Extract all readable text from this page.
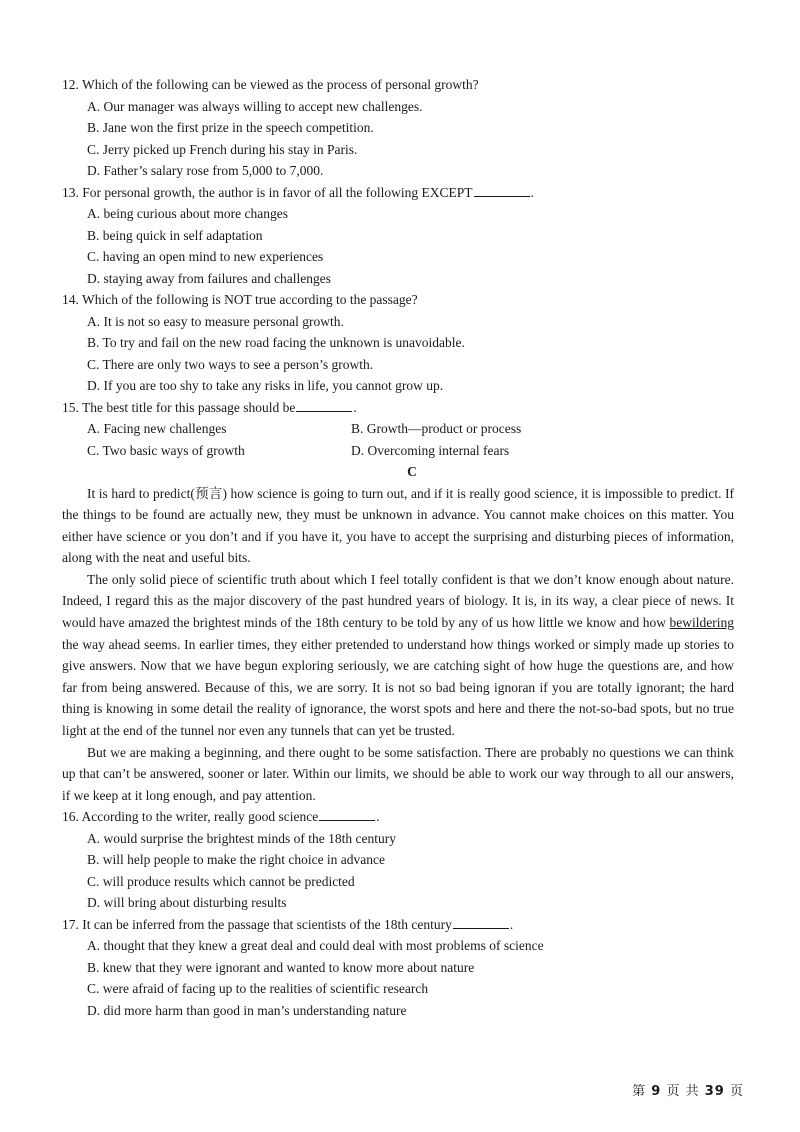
12. Which of the following can be viewed as the process of personal growth?
A. Our manager was always willing to accept new challenges.
B. Jane won the first prize in the speech competition.
C. Jerry picked up French during his stay in Paris.
D. Father’s salary rose from 5,000 to 7,000.
13. For personal growth, the author is in favor of all the following EXCEPT	.
A. being curious about more changes
B. being quick in self adaptation
C. having an open mind to new experiences
D. staying away from failures and challenges
14. Which of the following is NOT true according to the passage?
A. It is not so easy to measure personal growth.
B. To try and fail on the new road facing the unknown is unavoidable.
C. There are only two ways to see a person’s growth.
D. If you are too shy to take any risks in life, you cannot grow up.
15. The best title for this passage should be	.
A. Facing new challenges	B. Growth—product or process
C. Two basic ways of growth	D. Overcoming internal fears
C

It is hard to predict(预言) how science is going to turn out, and if it is really good science, it is impossible to predict. If the things to be found are actually new, they must be unknown in advance. You cannot make choices on this matter. You either have science or you don’t and if you have it, you have to accept the surprising and disturbing pieces of information, along with the neat and useful bits.

The only solid piece of scientific truth about which I feel totally confident is that we don’t know enough about nature. Indeed, I regard this as the major discovery of the past hundred years of biology. It is, in its way, a clear piece of news. It would have amazed the brightest minds of the 18th century to be told by any of us how little we know and how bewildering the way ahead seems. In earlier times, they either pretended to understand how things worked or simply made up stories to give answers. Now that we have begun exploring seriously, we are catching sight of how huge the questions are, and how far from being answered. Because of this, we are sorry. It is not so bad being ignoran if you are totally ignorant; the hard thing is knowing in some detail the reality of ignorance, the worst spots and here and there the not-so-bad spots, but no true light at the end of the tunnel nor even any tunnels that can yet be trusted.

But we are making a beginning, and there ought to be some satisfaction. There are probably no questions we can think up that can’t be answered, sooner or later. Within our limits, we should be able to work our way through to all our answers, if we keep at it long enough, and pay attention.

16. According to the writer, really good science	.
A. would surprise the brightest minds of the 18th century
B. will help people to make the right choice in advance
C. will produce results which cannot be predicted
D. will bring about disturbing results
17. It can be inferred from the passage that scientists of the 18th century	.
A. thought that they knew a great deal and could deal with most problems of science
B. knew that they were ignorant and wanted to know more about nature
C. were afraid of facing up to the realities of scientific research
D. did more harm than good in man’s understanding nature
第 9 页 共 39 页
